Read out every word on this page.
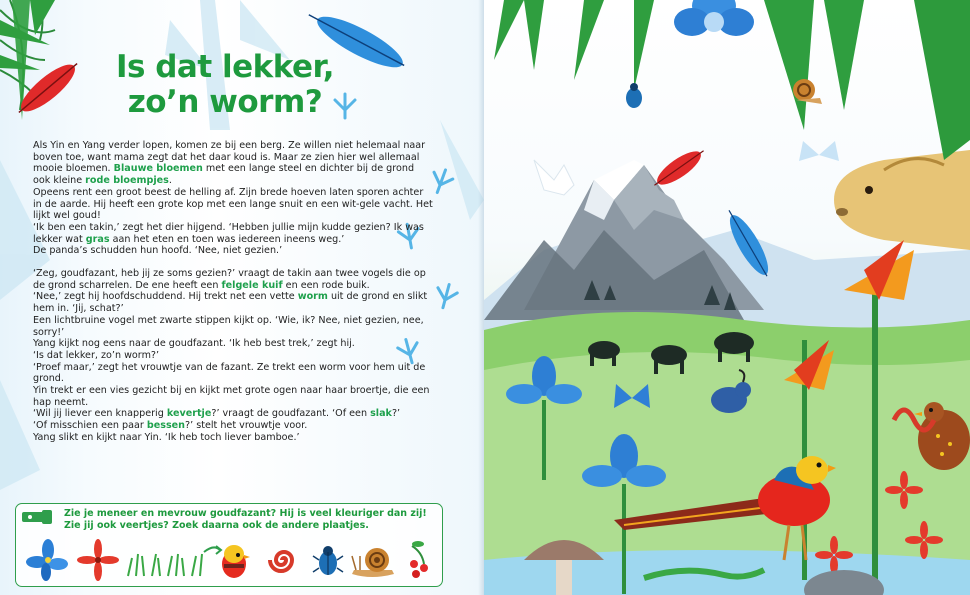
Is dat lekker,
zo’n worm?

Als Yin en Yang verder lopen, komen ze bij een berg. Ze willen niet helemaal naar boven toe, want mama zegt dat het daar koud is. Maar ze zien hier wel allemaal mooie bloemen. Blauwe bloemen met een lange steel en dichter bij de grond ook kleine rode bloempjes.
Opeens rent een groot beest de helling af. Zijn brede hoeven laten sporen achter in de aarde. Hij heeft een grote kop met een lange snuit en een wit-gele vacht. Het lijkt wel goud!
‘Ik ben een takin,’ zegt het dier hijgend. ‘Hebben jullie mijn kudde gezien? Ik was lekker wat gras aan het eten en toen was iedereen ineens weg.’
De panda’s schudden hun hoofd. ‘Nee, niet gezien.’

‘Zeg, goudfazant, heb jij ze soms gezien?’ vraagt de takin aan twee vogels die op de grond scharrelen. De ene heeft een felgele kuif en een rode buik.
‘Nee,’ zegt hij hoofdschuddend. Hij trekt net een vette worm uit de grond en slikt hem in. ‘Jij, schat?’
Een lichtbruine vogel met zwarte stippen kijkt op. ‘Wie, ik? Nee, niet gezien, nee, sorry!’
Yang kijkt nog eens naar de goudfazant. ‘Ik heb best trek,’ zegt hij.
‘Is dat lekker, zo’n worm?’
‘Proef maar,’ zegt het vrouwtje van de fazant. Ze trekt een worm voor hem uit de grond.
Yin trekt er een vies gezicht bij en kijkt met grote ogen naar haar broertje, die een hap neemt.
‘Wil jij liever een knapperig kevertje?’ vraagt de goudfazant. ‘Of een slak?’
‘Of misschien een paar bessen?’ stelt het vrouwtje voor.
Yang slikt en kijkt naar Yin. ‘Ik heb toch liever bamboe.’

Zie je meneer en mevrouw goudfazant? Hij is veel kleuriger dan zij! Zie jij ook veertjes? Zoek daarna ook de andere plaatjes.
